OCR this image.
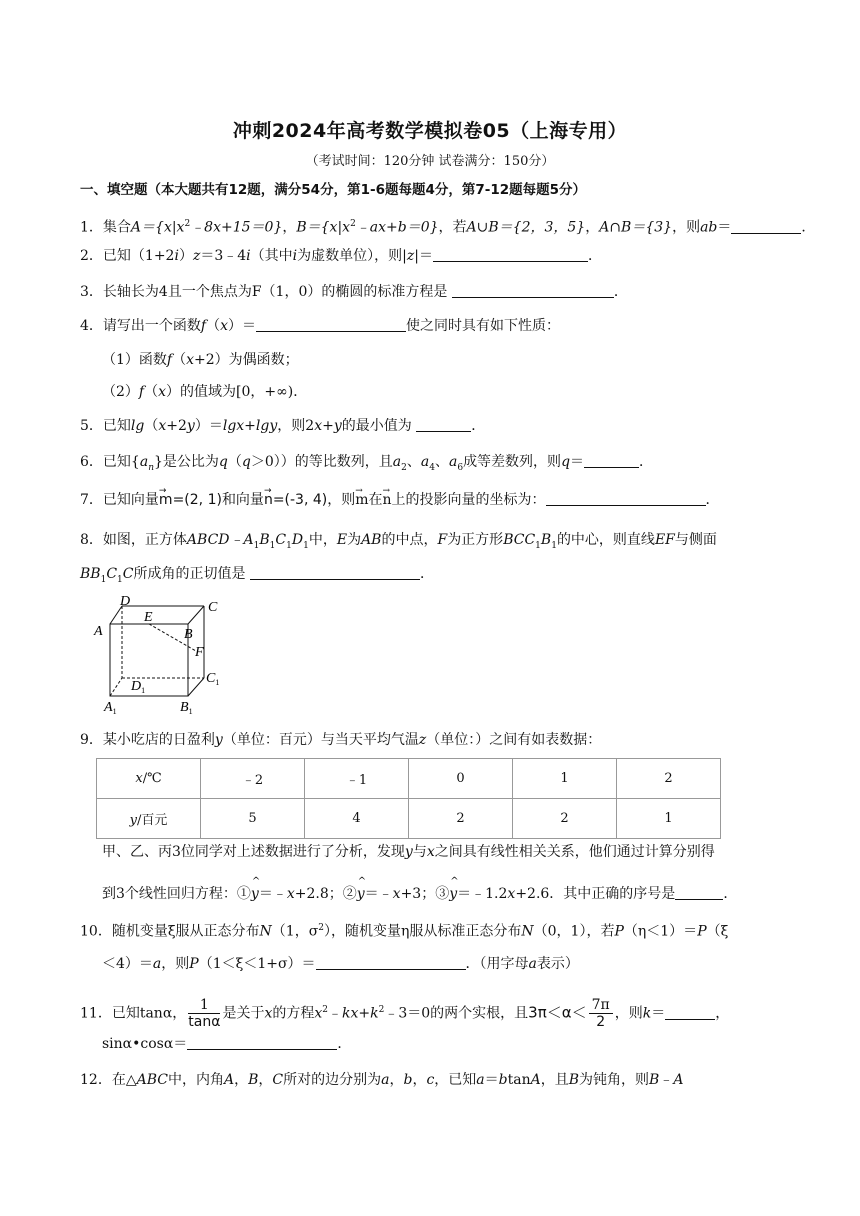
冲刺2024年高考数学模拟卷05（上海专用）
（考试时间：120分钟 试卷满分：150分）
一、填空题（本大题共有12题，满分54分，第1-6题每题4分，第7-12题每题5分）
1．集合$A=\{x|x^2﹣8x+15=0\}$，$B=\{x|x^2﹣ax+b=0\}$，若A∪B＝{2，3，5}，A∩B＝{3}，则ab＝	．
2．已知（1+2i）z＝3﹣4i（其中i为虚数单位），则|z|＝	．
3．长轴长为4且一个焦点为F（1，0）的椭圆的标准方程是	．
4．请写出一个函数f（x）＝	使之同时具有如下性质：
（1）函数f（x+2）为偶函数；
（2）f（x）的值域为[0，+∞)．
5．已知lg（x+2y）＝lgx+lgy，则2x+y的最小值为	．
6．已知$\{a_n\}$是公比为q（q＞0））的等比数列，且$a_2$、$a_4$、$a_6$成等差数列，则q＝	．
7．已知向量→ m=(2, 1)和向量→ n=(-3, 4)，则→ m在→ n上的投影向量的坐标为：	．
8．如图，正方体$ABCD﹣A_1B_1C_1D_1$中，E为AB的中点，F为正方形$BCC_1B_1$的中心，则直线EF与侧面
$BB_1C_1C$所成角的正切值是	．
D	C
A
E
B
F
$D_1$
$C_1$
$A_1$	$B_1$
9．某小吃店的日盈利y（单位：百元）与当天平均气温z（单位：）之间有如表数据：
x/℃	﹣2	﹣1	0	1	2
y/百元	5	4	2	2	1
甲、乙、丙3位同学对上述数据进行了分析，发现y与x之间具有线性相关关系，他们通过计算分别得
到3个线性回归方程：①^ y＝﹣x+2.8；②^ y＝﹣x+3；③^ y＝﹣1.2x+2.6．其中正确的序号是	．
10．随机变量ξ服从正态分布N（1，$\sigma^2$），随机变量η服从标准正态分布N（0，1），若P（η＜1）＝P（ξ
＜4）＝a，则P（1＜ξ＜1+σ）＝	．（用字母a表示）
11．已知tanα， $\frac{1}{\tan\alpha}$ 是关于x的方程$x^2﹣kx+k^2﹣3=0$的两个实根，且$3\pi<\alpha< \frac{7\pi}{2}$ ，则k＝	，
sinα•cosα＝	．
12．在△ABC中，内角A，B，C所对的边分别为a，b，c，已知a＝btanA，且B为钝角，则B﹣A
